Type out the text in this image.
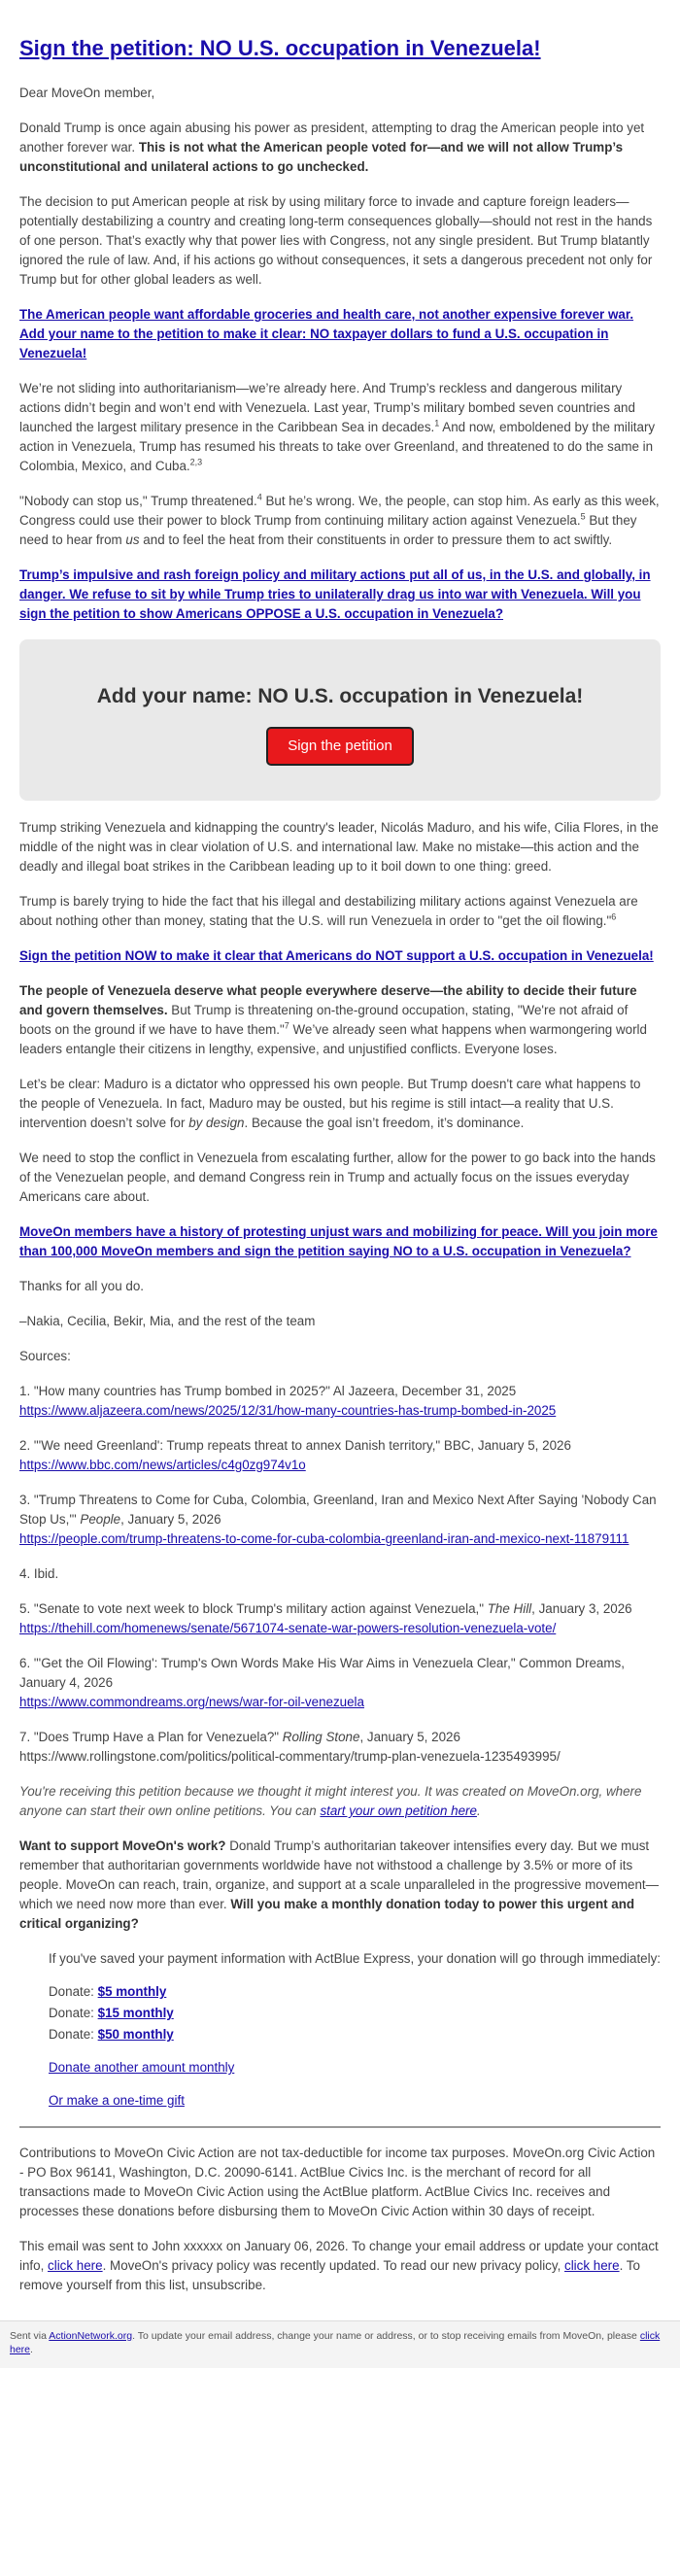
Sign the petition: NO U.S. occupation in Venezuela!

Dear MoveOn member,

Donald Trump is once again abusing his power as president, attempting to drag the American people into yet another forever war. This is not what the American people voted for—and we will not allow Trump’s unconstitutional and unilateral actions to go unchecked.

The decision to put American people at risk by using military force to invade and capture foreign leaders—potentially destabilizing a country and creating long-term consequences globally—should not rest in the hands of one person. That’s exactly why that power lies with Congress, not any single president. But Trump blatantly ignored the rule of law. And, if his actions go without consequences, it sets a dangerous precedent not only for Trump but for other global leaders as well.

The American people want affordable groceries and health care, not another expensive forever war. Add your name to the petition to make it clear: NO taxpayer dollars to fund a U.S. occupation in Venezuela!

We’re not sliding into authoritarianism—we’re already here. And Trump’s reckless and dangerous military actions didn’t begin and won’t end with Venezuela. Last year, Trump’s military bombed seven countries and launched the largest military presence in the Caribbean Sea in decades.$^1$ And now, emboldened by the military action in Venezuela, Trump has resumed his threats to take over Greenland, and threatened to do the same in Colombia, Mexico, and Cuba.$^{2,3}$

"Nobody can stop us," Trump threatened.$^4$ But he’s wrong. We, the people, can stop him. As early as this week, Congress could use their power to block Trump from continuing military action against Venezuela.$^5$ But they need to hear from us and to feel the heat from their constituents in order to pressure them to act swiftly.

Trump’s impulsive and rash foreign policy and military actions put all of us, in the U.S. and globally, in danger. We refuse to sit by while Trump tries to unilaterally drag us into war with Venezuela. Will you sign the petition to show Americans OPPOSE a U.S. occupation in Venezuela?

Add your name: NO U.S. occupation in Venezuela!
Sign the petition

Trump striking Venezuela and kidnapping the country's leader, Nicolás Maduro, and his wife, Cilia Flores, in the middle of the night was in clear violation of U.S. and international law. Make no mistake—this action and the deadly and illegal boat strikes in the Caribbean leading up to it boil down to one thing: greed.

Trump is barely trying to hide the fact that his illegal and destabilizing military actions against Venezuela are about nothing other than money, stating that the U.S. will run Venezuela in order to "get the oil flowing."$^6$

Sign the petition NOW to make it clear that Americans do NOT support a U.S. occupation in Venezuela!

The people of Venezuela deserve what people everywhere deserve—the ability to decide their future and govern themselves. But Trump is threatening on-the-ground occupation, stating, "We're not afraid of boots on the ground if we have to have them."$^7$ We’ve already seen what happens when warmongering world leaders entangle their citizens in lengthy, expensive, and unjustified conflicts. Everyone loses.

Let’s be clear: Maduro is a dictator who oppressed his own people. But Trump doesn't care what happens to the people of Venezuela. In fact, Maduro may be ousted, but his regime is still intact—a reality that U.S. intervention doesn’t solve for by design. Because the goal isn’t freedom, it’s dominance.

We need to stop the conflict in Venezuela from escalating further, allow for the power to go back into the hands of the Venezuelan people, and demand Congress rein in Trump and actually focus on the issues everyday Americans care about.

MoveOn members have a history of protesting unjust wars and mobilizing for peace. Will you join more than 100,000 MoveOn members and sign the petition saying NO to a U.S. occupation in Venezuela?

Thanks for all you do.

–Nakia, Cecilia, Bekir, Mia, and the rest of the team

Sources:

1. "How many countries has Trump bombed in 2025?" Al Jazeera, December 31, 2025
https://www.aljazeera.com/news/2025/12/31/how-many-countries-has-trump-bombed-in-2025

2. "'We need Greenland': Trump repeats threat to annex Danish territory," BBC, January 5, 2026
https://www.bbc.com/news/articles/c4g0zg974v1o

3. "Trump Threatens to Come for Cuba, Colombia, Greenland, Iran and Mexico Next After Saying 'Nobody Can Stop Us,'" People, January 5, 2026
https://people.com/trump-threatens-to-come-for-cuba-colombia-greenland-iran-and-mexico-next-11879111

4. Ibid.

5. "Senate to vote next week to block Trump's military action against Venezuela," The Hill, January 3, 2026
https://thehill.com/homenews/senate/5671074-senate-war-powers-resolution-venezuela-vote/

6. "'Get the Oil Flowing': Trump's Own Words Make His War Aims in Venezuela Clear," Common Dreams, January 4, 2026
https://www.commondreams.org/news/war-for-oil-venezuela

7. "Does Trump Have a Plan for Venezuela?" Rolling Stone, January 5, 2026
https://www.rollingstone.com/politics/political-commentary/trump-plan-venezuela-1235493995/

You're receiving this petition because we thought it might interest you. It was created on MoveOn.org, where anyone can start their own online petitions. You can start your own petition here.

Want to support MoveOn's work? Donald Trump’s authoritarian takeover intensifies every day. But we must remember that authoritarian governments worldwide have not withstood a challenge by 3.5% or more of its people. MoveOn can reach, train, organize, and support at a scale unparalleled in the progressive movement—which we need now more than ever. Will you make a monthly donation today to power this urgent and critical organizing?

If you've saved your payment information with ActBlue Express, your donation will go through immediately:

Donate: $5 monthly
Donate: $15 monthly
Donate: $50 monthly

Donate another amount monthly

Or make a one-time gift

Contributions to MoveOn Civic Action are not tax-deductible for income tax purposes. MoveOn.org Civic Action - PO Box 96141, Washington, D.C. 20090-6141. ActBlue Civics Inc. is the merchant of record for all transactions made to MoveOn Civic Action using the ActBlue platform. ActBlue Civics Inc. receives and processes these donations before disbursing them to MoveOn Civic Action within 30 days of receipt.

This email was sent to John xxxxxx on January 06, 2026. To change your email address or update your contact info, click here. MoveOn's privacy policy was recently updated. To read our new privacy policy, click here. To remove yourself from this list, unsubscribe.

Sent via ActionNetwork.org. To update your email address, change your name or address, or to stop receiving emails from MoveOn, please click here.
